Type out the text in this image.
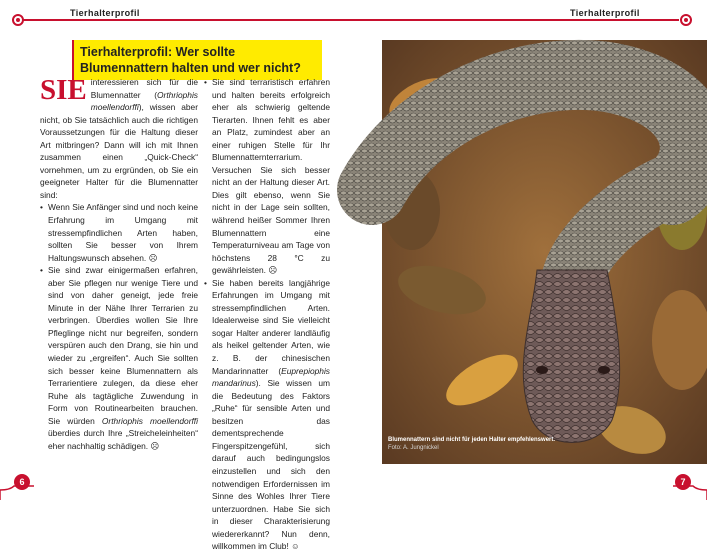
Tierhalterprofil
Tierhalterprofil: Wer sollte Blumennattern halten und wer nicht?

SIE interessieren sich für die Blumennatter (Orthriophis moellendorffi), wissen aber nicht, ob Sie tatsächlich auch die richtigen Voraussetzungen für die Haltung dieser Art mitbringen? Dann will ich mit Ihnen zusammen einen „Quick-Check“ vornehmen, um zu ergründen, ob Sie ein geeigneter Halter für die Blumennatter sind:

• Wenn Sie Anfänger sind und noch keine Erfahrung im Umgang mit stressempfindlichen Arten haben, sollten Sie besser von Ihrem Haltungswunsch absehen. ☹
• Sie sind zwar einigermaßen erfahren, aber Sie pflegen nur wenige Tiere und sind von daher geneigt, jede freie Minute in der Nähe Ihrer Terrarien zu verbringen. Überdies wollen Sie Ihre Pfleglinge nicht nur begreifen, sondern verspüren auch den Drang, sie hin und wieder zu „ergreifen“. Auch Sie sollten sich besser keine Blumennattern als Terrarientiere zulegen, da diese eher Ruhe als tagtägliche Zuwendung in Form von Routinearbeiten brauchen. Sie würden Orthriophis moellendorffi überdies durch Ihre „Streicheleinheiten“ eher nachhaltig schädigen. ☹
• Sie sind terraristisch erfahren und halten bereits erfolgreich eher als schwierig geltende Tierarten. Ihnen fehlt es aber an Platz, zumindest aber an einer ruhigen Stelle für Ihr Blumennatternterrarium. Versuchen Sie sich besser nicht an der Haltung dieser Art. Dies gilt ebenso, wenn Sie nicht in der Lage sein sollten, während heißer Sommer Ihren Blumennattern eine Temperaturniveau am Tage von höchstens 28 °C zu gewährleisten. ☹
• Sie haben bereits langjährige Erfahrungen im Umgang mit stressempfindlichen Arten. Idealerweise sind Sie vielleicht sogar Halter anderer landläufig als heikel geltender Arten, wie z. B. der chinesischen Mandarinnatter (Euprepiophis mandarinus). Sie wissen um die Bedeutung des Faktors „Ruhe“ für sensible Arten und besitzen das dementsprechende Fingerspitzengefühl, sich darauf auch bedingungslos einzustellen und sich den notwendigen Erfordernissen im Sinne des Wohles Ihrer Tiere unterzuordnen. Habe Sie sich in dieser Charakterisierung wiedererkannt? Nun denn, willkommen im Club! ☺
6
Tierhalterprofil
Blumennattern sind nicht für jeden Halter empfehlenswert. Foto: A. Jungnickel
7
